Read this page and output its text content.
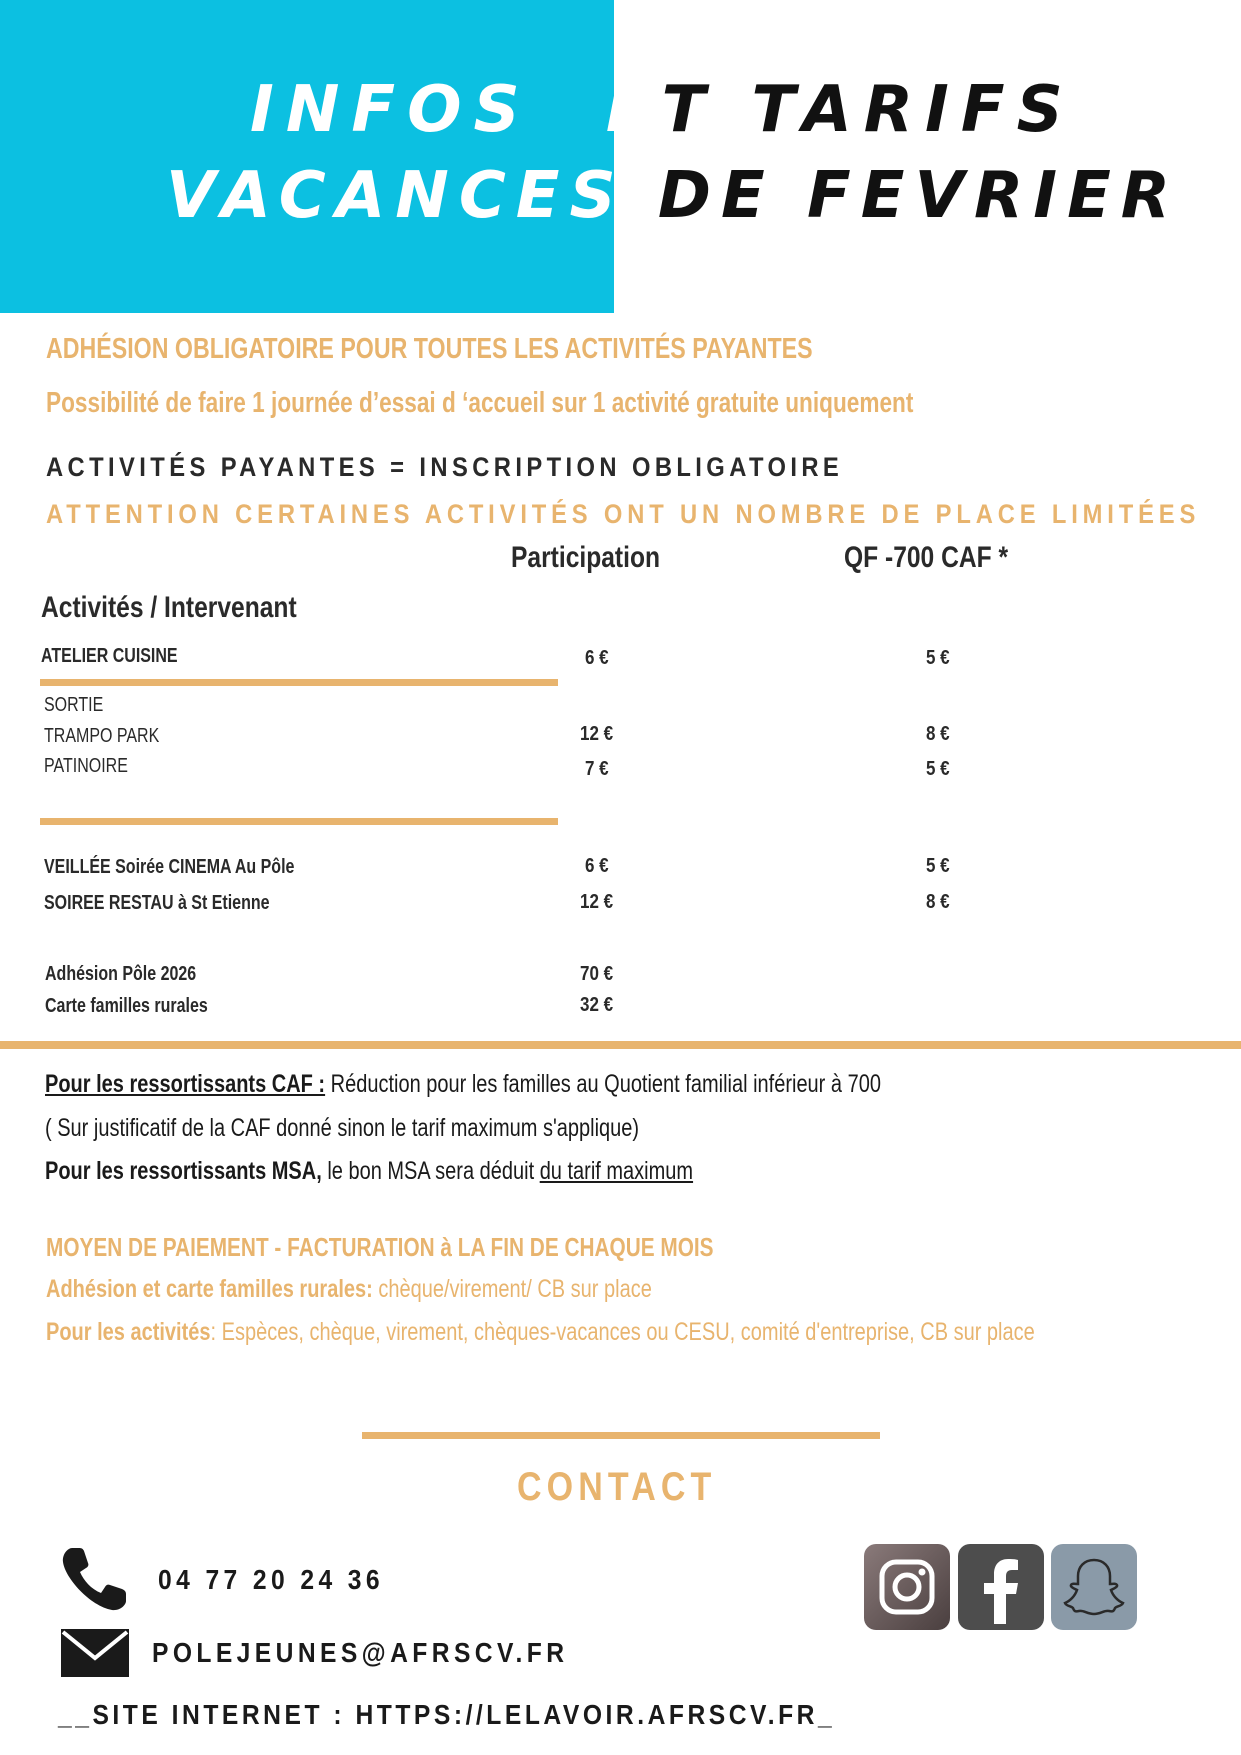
INFOS ET TARIFS
VACANCES DE FEVRIER
ADHÉSION OBLIGATOIRE POUR TOUTES LES ACTIVITÉS PAYANTES
Possibilité de faire 1 journée d’essai d ‘accueil sur 1 activité gratuite uniquement
ACTIVITÉS PAYANTES = INSCRIPTION OBLIGATOIRE
ATTENTION CERTAINES ACTIVITÉS ONT UN NOMBRE DE PLACE LIMITÉES
Participation	QF -700 CAF *
Activités / Intervenant
ATELIER CUISINE	6 €	5 €
SORTIE
TRAMPO PARK	12 €	8 €
PATINOIRE	7 €	5 €
VEILLÉE Soirée CINEMA Au Pôle	6 €	5 €
SOIREE RESTAU à St Etienne	12 €	8 €
Adhésion Pôle 2026	70 €
Carte familles rurales	32 €
Pour les ressortissants CAF : Réduction pour les familles au Quotient familial inférieur à 700
( Sur justificatif de la CAF donné sinon le tarif maximum s'applique)
Pour les ressortissants MSA, le bon MSA sera déduit du tarif maximum
MOYEN DE PAIEMENT - FACTURATION à LA FIN DE CHAQUE MOIS
Adhésion et carte familles rurales: chèque/virement/ CB sur place
Pour les activités: Espèces, chèque, virement, chèques-vacances ou CESU, comité d'entreprise, CB sur place
CONTACT
04 77 20 24 36
POLEJEUNES@AFRSCV.FR
__SITE INTERNET : HTTPS://LELAVOIR.AFRSCV.FR_
